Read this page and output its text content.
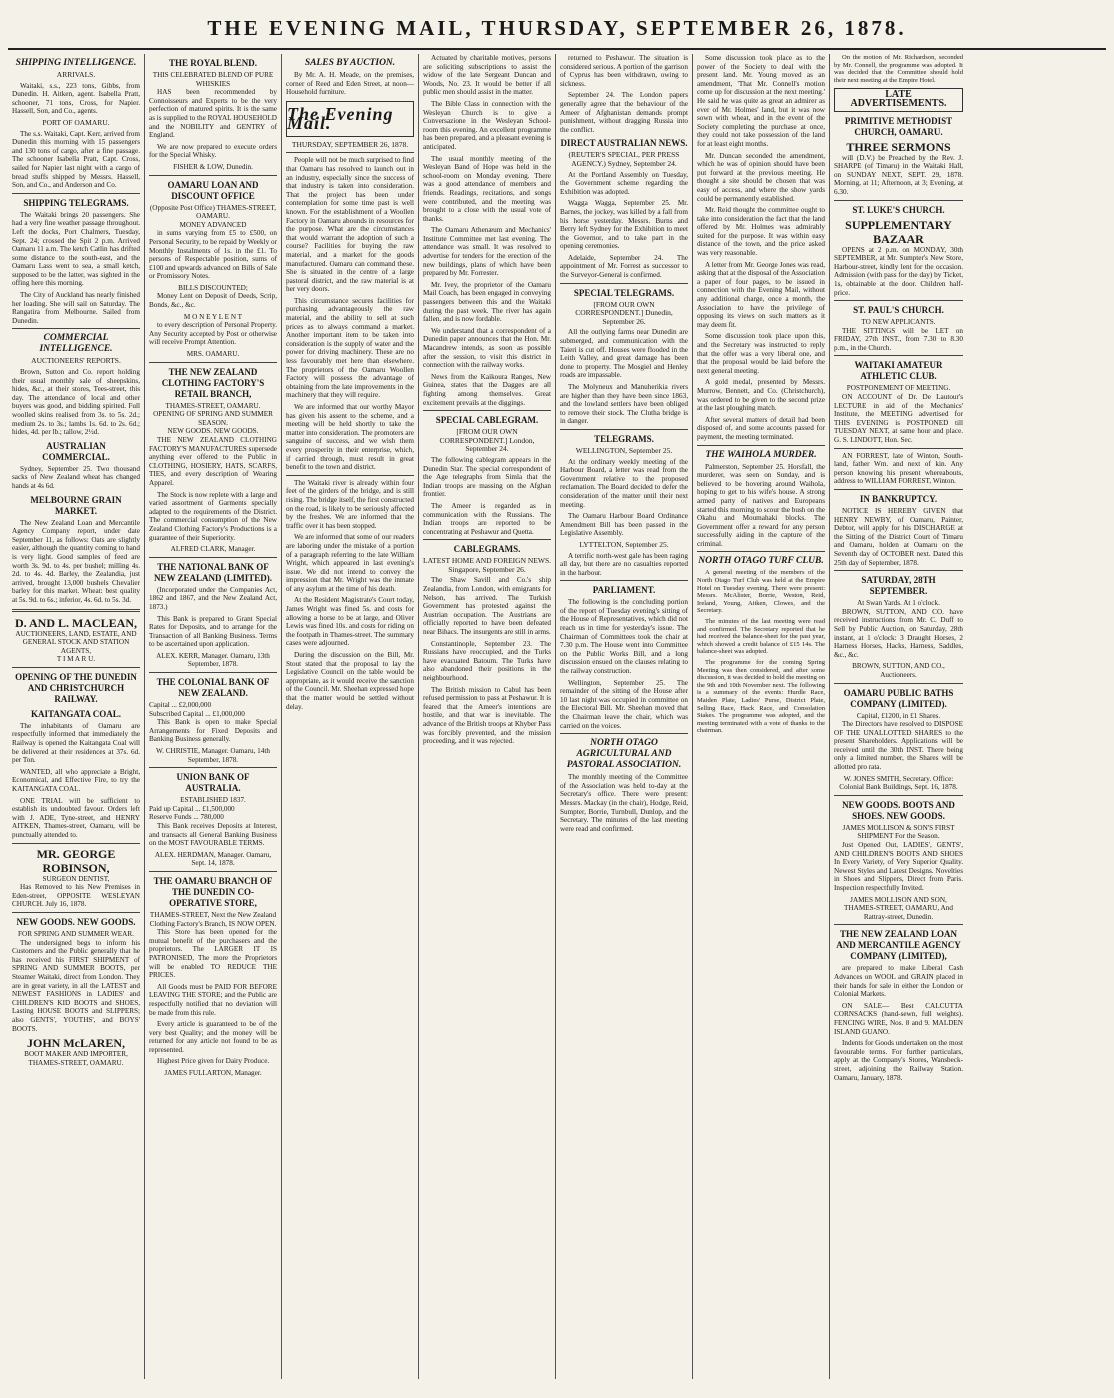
THE EVENING MAIL, THURSDAY, SEPTEMBER 26, 1878.
SHIPPING INTELLIGENCE.
ARRIVALS.

Waitaki, s.s., 223 tons, Gibbs, from Dunedin. H. Aitken, agent. Isabella Pratt, schooner, 71 tons, Cross, for Napier. Hassell, Son, and Co., agents.

PORT OF OAMARU.

The s.s. Waitaki, Capt. Kerr, arrived from Dunedin this morning with 15 passengers and 130 tons of cargo, after a fine passage. The schooner Isabella Pratt, Capt. Cross, sailed for Napier last night with a cargo of bread stuffs shipped by Messrs. Hassell, Son, and Co., and Anderson and Co.

SHIPPING TELEGRAMS.

The Waitaki brings 20 passengers. She had a very fine weather passage throughout. Left the docks, Port Chalmers, Tuesday, Sept. 24; crossed the Spit 2 p.m. Arrived Oamaru 11 a.m. The ketch Catlin has drifted some distance to the south-east, and the Oamaru Lass went to sea, a small ketch, supposed to be the latter, was sighted in the offing here this morning.

The City of Auckland has nearly finished her loading. She will sail on Saturday. The Rangatira from Melbourne. Sailed from Dunedin.

COMMERCIAL INTELLIGENCE.
AUCTIONEERS' REPORTS.

Brown, Sutton and Co. report holding their usual monthly sale of sheepskins, hides, &c., at their stores, Tees-street, this day. The attendance of local and other buyers was good, and bidding spirited. Full woolled skins realised from 3s. to 5s. 2d.; medium 2s. to 3s.; lambs 1s. 6d. to 2s. 6d.; hides, 4d. per lb.; tallow, 2½d.

AUSTRALIAN COMMERCIAL.

Sydney, September 25. Two thousand sacks of New Zealand wheat has changed hands at 4s 6d.

MELBOURNE GRAIN MARKET.

The New Zealand Loan and Mercantile Agency Company report, under date September 11, as follows: Oats are slightly easier, although the quantity coming to hand is very light. Good samples of feed are worth 3s. 9d. to 4s. per bushel; milling 4s. 2d. to 4s. 4d. Barley, the Zealandia, just arrived, brought 13,000 bushels Chevalier barley for this market. Wheat: best quality at 5s. 9d. to 6s.; inferior, 4s. 6d. to 5s. 3d.

D. AND L. MACLEAN,
AUCTIONEERS, LAND, ESTATE, AND GENERAL STOCK AND STATION AGENTS,
T I M A R U.
OPENING OF THE DUNEDIN AND CHRISTCHURCH RAILWAY.
KAITANGATA COAL.

The inhabitants of Oamaru are respectfully informed that immediately the Railway is opened the Kaitangata Coal will be delivered at their residences at 37s. 6d. per Ton.

WANTED, all who appreciate a Bright, Economical, and Effective Fire, to try the KAITANGATA COAL.

ONE TRIAL will be sufficient to establish its undoubted favour. Orders left with J. ADE, Tyne-street, and HENRY AITKEN, Thames-street, Oamaru, will be punctually attended to.

MR. GEORGE ROBINSON,
SURGEON DENTIST,

Has Removed to his New Premises in Eden-street, OPPOSITE WESLEYAN CHURCH. July 16, 1878.

NEW GOODS. NEW GOODS.
FOR SPRING AND SUMMER WEAR.

The undersigned begs to inform his Customers and the Public generally that he has received his FIRST SHIPMENT of SPRING AND SUMMER BOOTS, per Steamer Waitaki, direct from London. They are in great variety, in all the LATEST and NEWEST FASHIONS in LADIES' and CHILDREN'S KID BOOTS and SHOES, Lasting HOUSE BOOTS and SLIPPERS; also GENTS', YOUTHS', and BOYS' BOOTS.

JOHN McLAREN,
BOOT MAKER AND IMPORTER, THAMES-STREET, OAMARU.
THE ROYAL BLEND.
THIS CELEBRATED BLEND OF PURE WHISKIES

HAS been recommended by Connoisseurs and Experts to be the very perfection of matured spirits. It is the same as is supplied to the ROYAL HOUSEHOLD and the NOBILITY and GENTRY of England.

We are now prepared to execute orders for the Special Whisky.

FISHER & LOW, Dunedin.
OAMARU LOAN AND DISCOUNT OFFICE
(Opposite Post Office) THAMES-STREET, OAMARU.
MONEY ADVANCED

in sums varying from £5 to £500, on Personal Security, to be repaid by Weekly or Monthly Instalments of 1s. in the £1. To persons of Respectable position, sums of £100 and upwards advanced on Bills of Sale or Promissory Notes.

BILLS DISCOUNTED;

Money Lent on Deposit of Deeds, Scrip, Bonds, &c., &c.

M O N E Y L E N T

to every description of Personal Property. Any Security accepted by Post or otherwise will receive Prompt Attention.

MRS. OAMARU.
THE NEW ZEALAND CLOTHING FACTORY'S RETAIL BRANCH,
THAMES-STREET, OAMARU.
OPENING OF SPRING AND SUMMER SEASON.
NEW GOODS. NEW GOODS.

THE NEW ZEALAND CLOTHING FACTORY'S MANUFACTURES supersede anything ever offered to the Public in CLOTHING, HOSIERY, HATS, SCARFS, TIES, and every description of Wearing Apparel.

The Stock is now replete with a large and varied assortment of Garments specially adapted to the requirements of the District. The commercial consumption of the New Zealand Clothing Factory's Productions is a guarantee of their Superiority.

ALFRED CLARK, Manager.
THE NATIONAL BANK OF NEW ZEALAND (LIMITED).

(Incorporated under the Companies Act, 1862 and 1867, and the New Zealand Act, 1873.)

This Bank is prepared to Grant Special Rates for Deposits, and to arrange for the Transaction of all Banking Business. Terms to be ascertained upon application.

ALEX. KERR, Manager. Oamaru, 13th September, 1878.
THE COLONIAL BANK OF NEW ZEALAND.
Capital ... £2,000,000
Subscribed Capital ... £1,000,000

This Bank is open to make Special Arrangements for Fixed Deposits and Banking Business generally.

W. CHRISTIE, Manager. Oamaru, 14th September, 1878.
UNION BANK OF AUSTRALIA.
ESTABLISHED 1837.
Paid up Capital ... £1,500,000
Reserve Funds ... 780,000

This Bank receives Deposits at Interest, and transacts all General Banking Business on the MOST FAVOURABLE TERMS.

ALEX. HERDMAN, Manager. Oamaru, Sept. 14, 1878.
THE OAMARU BRANCH OF THE DUNEDIN CO-OPERATIVE STORE,
THAMES-STREET, Next the New Zealand Clothing Factory's Branch, IS NOW OPEN.

This Store has been opened for the mutual benefit of the purchasers and the proprietors. The LARGER IT IS PATRONISED, The more the Proprietors will be enabled TO REDUCE THE PRICES.

All Goods must be PAID FOR BEFORE LEAVING THE STORE; and the Public are respectfully notified that no deviation will be made from this rule.

Every article is guaranteed to be of the very best Quality; and the money will be returned for any article not found to be as represented.

Highest Price given for Dairy Produce.

JAMES FULLARTON, Manager.
SALES BY AUCTION.

By Mr. A. H. Meade, on the premises, corner of Reed and Eden Street, at noon—Household furniture.

The Evening Mail.
THURSDAY, SEPTEMBER 26, 1878.

People will not be much surprised to find that Oamaru has resolved to launch out in an industry, especially since the success of that industry is taken into consideration. That the project has been under contemplation for some time past is well known. For the establishment of a Woollen Factory in Oamaru abounds in resources for the purpose. What are the circumstances that would warrant the adoption of such a course? Facilities for buying the raw material, and a market for the goods manufactured. Oamaru can command these. She is situated in the centre of a large pastoral district, and the raw material is at her very doors.

This circumstance secures facilities for purchasing advantageously the raw material, and the ability to sell at such prices as to always command a market. Another important item to be taken into consideration is the supply of water and the power for driving machinery. These are no less favourably met here than elsewhere. The proprietors of the Oamaru Woollen Factory will possess the advantage of obtaining from the late improvements in the machinery that they will require.

We are informed that our worthy Mayor has given his assent to the scheme, and a meeting will be held shortly to take the matter into consideration. The promoters are sanguine of success, and we wish them every prosperity in their enterprise, which, if carried through, must result in great benefit to the town and district.

The Waitaki river is already within four feet of the girders of the bridge, and is still rising. The bridge itself, the first constructed on the road, is likely to be seriously affected by the freshes. We are informed that the traffic over it has been stopped.

We are informed that some of our readers are laboring under the mistake of a portion of a paragraph referring to the late William Wright, which appeared in last evening's issue. We did not intend to convey the impression that Mr. Wright was the inmate of any asylum at the time of his death.

At the Resident Magistrate's Court today, James Wright was fined 5s. and costs for allowing a horse to be at large, and Oliver Lewis was fined 10s. and costs for riding on the footpath in Thames-street. The summary cases were adjourned.

During the discussion on the Bill, Mr. Stout stated that the proposal to lay the Legislative Council on the table would be appropriate, as it would receive the sanction of the Council. Mr. Sheehan expressed hope that the matter would be settled without delay.

Actuated by charitable motives, persons are soliciting subscriptions to assist the widow of the late Sergeant Duncan and Woods, No. 23. It would be better if all public men should assist in the matter.

The Bible Class in connection with the Wesleyan Church is to give a Conversazione in the Wesleyan School-room this evening. An excellent programme has been prepared, and a pleasant evening is anticipated.

The usual monthly meeting of the Wesleyan Band of Hope was held in the school-room on Monday evening. There was a good attendance of members and friends. Readings, recitations, and songs were contributed, and the meeting was brought to a close with the usual vote of thanks.

The Oamaru Athenæum and Mechanics' Institute Committee met last evening. The attendance was small. It was resolved to advertise for tenders for the erection of the new buildings, plans of which have been prepared by Mr. Forrester.

Mr. Ivey, the proprietor of the Oamaru Mail Coach, has been engaged in conveying passengers between this and the Waitaki during the past week. The river has again fallen, and is now fordable.

We understand that a correspondent of a Dunedin paper announces that the Hon. Mr. Macandrew intends, as soon as possible after the session, to visit this district in connection with the railway works.

News from the Kaikoura Ranges, New Guinea, states that the Dagges are all fighting among themselves. Great excitement prevails at the diggings.

SPECIAL CABLEGRAM.
[FROM OUR OWN CORRESPONDENT.] London, September 24.

The following cablegram appears in the Dunedin Star. The special correspondent of the Age telegraphs from Simla that the Indian troops are massing on the Afghan frontier.

The Ameer is regarded as in communication with the Russians. The Indian troops are reported to be concentrating at Peshawur and Quetta.

CABLEGRAMS.
LATEST HOME AND FOREIGN NEWS. Singapore, September 26.

The Shaw Savill and Co.'s ship Zealandia, from London, with emigrants for Nelson, has arrived. The Turkish Government has protested against the Austrian occupation. The Austrians are officially reported to have been defeated near Bihacs. The insurgents are still in arms.

Constantinople, September 23. The Russians have reoccupied, and the Turks have evacuated Batoum. The Turks have also abandoned their positions in the neighbourhood.

The British mission to Cabul has been refused permission to pass at Peshawur. It is feared that the Ameer's intentions are hostile, and that war is inevitable. The advance of the British troops at Khyber Pass was forcibly prevented, and the mission proceeding, and it was rejected.

returned to Peshawur. The situation is considered serious. A portion of the garrison of Cyprus has been withdrawn, owing to sickness.

September 24. The London papers generally agree that the behaviour of the Ameer of Afghanistan demands prompt punishment, without dragging Russia into the conflict.

DIRECT AUSTRALIAN NEWS.
(REUTER'S SPECIAL, PER PRESS AGENCY.) Sydney, September 24.

At the Portland Assembly on Tuesday, the Government scheme regarding the Exhibition was adopted.

Wagga Wagga, September 25. Mr. Barnes, the jockey, was killed by a fall from his horse yesterday. Messrs. Burns and Berry left Sydney for the Exhibition to meet the Governor, and to take part in the opening ceremonies.

Adelaide, September 24. The appointment of Mr. Forrest as successor to the Surveyor-General is confirmed.

SPECIAL TELEGRAMS.
[FROM OUR OWN CORRESPONDENT.] Dunedin, September 26.

All the outlying farms near Dunedin are submerged, and communication with the Taieri is cut off. Houses were flooded in the Leith Valley, and great damage has been done to property. The Mosgiel and Henley roads are impassable.

The Molyneux and Manuherikia rivers are higher than they have been since 1863, and the lowland settlers have been obliged to remove their stock. The Clutha bridge is in danger.

TELEGRAMS.
WELLINGTON, September 25.

At the ordinary weekly meeting of the Harbour Board, a letter was read from the Government relative to the proposed reclamation. The Board decided to defer the consideration of the matter until their next meeting.

The Oamaru Harbour Board Ordinance Amendment Bill has been passed in the Legislative Assembly.

LYTTELTON, September 25.

A terrific north-west gale has been raging all day, but there are no casualties reported in the harbour.

PARLIAMENT.

The following is the concluding portion of the report of Tuesday evening's sitting of the House of Representatives, which did not reach us in time for yesterday's issue. The Chairman of Committees took the chair at 7.30 p.m. The House went into Committee on the Public Works Bill, and a long discussion ensued on the clauses relating to the railway construction.

Wellington, September 25. The remainder of the sitting of the House after 10 last night was occupied in committee on the Electoral Bill. Mr. Sheehan moved that the Chairman leave the chair, which was carried on the voices.

NORTH OTAGO AGRICULTURAL AND PASTORAL ASSOCIATION.

The monthly meeting of the Committee of the Association was held to-day at the Secretary's office. There were present: Messrs. Mackay (in the chair), Hodge, Reid, Sumpter, Borrie, Turnbull, Dunlop, and the Secretary. The minutes of the last meeting were read and confirmed.

Some discussion took place as to the power of the Society to deal with the present land. Mr. Young moved as an amendment, 'That Mr. Connell's motion come up for discussion at the next meeting.' He said he was quite as great an admirer as ever of Mr. Holmes' land, but it was now sown with wheat, and in the event of the Society completing the purchase at once, they could not take possession of the land for at least eight months.

Mr. Duncan seconded the amendment, which he was of opinion should have been put forward at the previous meeting. He thought a site should be chosen that was easy of access, and where the show yards could be permanently established.

Mr. Reid thought the committee ought to take into consideration the fact that the land offered by Mr. Holmes was admirably suited for the purpose. It was within easy distance of the town, and the price asked was very reasonable.

A letter from Mr. George Jones was read, asking that at the disposal of the Association a paper of four pages, to be issued in connection with the Evening Mail, without any additional charge, once a month, the Association to have the privilege of opposing its views on such matters as it may deem fit.

Some discussion took place upon this, and the Secretary was instructed to reply that the offer was a very liberal one, and that the proposal would be laid before the next general meeting.

A gold medal, presented by Messrs. Murrow, Bennett, and Co. (Christchurch), was ordered to be given to the second prize at the last ploughing match.

After several matters of detail had been disposed of, and some accounts passed for payment, the meeting terminated.

THE WAIHOLA MURDER.

Palmerston, September 25. Horsfall, the murderer, was seen on Sunday, and is believed to be hovering around Waihola, hoping to get to his wife's house. A strong armed party of natives and Europeans started this morning to scour the bush on the Okahu and Moumahaki blocks. The Government offer a reward for any person successfully aiding in the capture of the criminal.

NORTH OTAGO TURF CLUB.

A general meeting of the members of the North Otago Turf Club was held at the Empire Hotel on Tuesday evening. There were present: Messrs. McAlister, Borrie, Weston, Reid, Ireland, Young, Aitken, Clowes, and the Secretary.

The minutes of the last meeting were read and confirmed. The Secretary reported that he had received the balance-sheet for the past year, which showed a credit balance of £15 14s. The balance-sheet was adopted.

The programme for the coming Spring Meeting was then considered, and after some discussion, it was decided to hold the meeting on the 9th and 10th November next. The following is a summary of the events: Hurdle Race, Maiden Plate, Ladies' Purse, District Plate, Selling Race, Hack Race, and Consolation Stakes. The programme was adopted, and the meeting terminated with a vote of thanks to the chairman.

On the motion of Mr. Richardson, seconded by Mr. Connell, the programme was adopted. It was decided that the Committee should hold their next meeting at the Empire Hotel.

LATE ADVERTISEMENTS.
PRIMITIVE METHODIST CHURCH, OAMARU.
THREE SERMONS

will (D.V.) be Preached by the Rev. J. SHARPE (of Timaru) in the Waitaki Hall, on SUNDAY NEXT, SEPT. 29, 1878. Morning, at 11; Afternoon, at 3; Evening, at 6.30.

ST. LUKE'S CHURCH.
SUPPLEMENTARY BAZAAR

OPENS at 2 p.m. on MONDAY, 30th SEPTEMBER, at Mr. Sumpter's New Store, Harbour-street, kindly lent for the occasion. Admission (with pass for the day) by Ticket, 1s, obtainable at the door. Children half-price.

ST. PAUL'S CHURCH.
TO NEW APPLICANTS.

THE SITTINGS will be LET on FRIDAY, 27th INST., from 7.30 to 8.30 p.m., in the Church.

WAITAKI AMATEUR ATHLETIC CLUB.
POSTPONEMENT OF MEETING.

ON ACCOUNT of Dr. De Lautour's LECTURE in aid of the Mechanics' Institute, the MEETING advertised for THIS EVENING is POSTPONED till TUESDAY NEXT, at same hour and place. G. S. LINDOTT, Hon. Sec.

AN FORREST, late of Winton, South-land, father Wm. and next of kin. Any person knowing his present whereabouts, address to WILLIAM FORREST, Winton.

IN BANKRUPTCY.

NOTICE IS HEREBY GIVEN that HENRY NEWBY, of Oamaru, Painter, Debtor, will apply for his DISCHARGE at the Sitting of the District Court of Timaru and Oamaru, holden at Oamaru on the Seventh day of OCTOBER next. Dated this 25th day of September, 1878.

SATURDAY, 28TH SEPTEMBER.
At Swan Yards. At 1 o'clock.

BROWN, SUTTON, AND CO. have received instructions from Mr. C. Duff to Sell by Public Auction, on Saturday, 28th instant, at 1 o'clock: 3 Draught Horses, 2 Harness Horses, Hacks, Harness, Saddles, &c., &c.

BROWN, SUTTON, AND CO., Auctioneers.
OAMARU PUBLIC BATHS COMPANY (LIMITED).
Capital, £1200, in £1 Shares.

The Directors have resolved to DISPOSE OF THE UNALLOTTED SHARES to the present Shareholders. Applications will be received until the 30th INST. There being only a limited number, the Shares will be allotted pro rata.

W. JONES SMITH, Secretary. Office: Colonial Bank Buildings, Sept. 16, 1878.
NEW GOODS. BOOTS AND SHOES. NEW GOODS.
JAMES MOLLISON & SON'S FIRST SHIPMENT For the Season.

Just Opened Out, LADIES', GENTS', AND CHILDREN'S BOOTS AND SHOES In Every Variety, of Very Superior Quality. Newest Styles and Latest Designs. Novelties in Shoes and Slippers, Direct from Paris. Inspection respectfully Invited.

JAMES MOLLISON AND SON, THAMES-STREET, OAMARU, And Rattray-street, Dunedin.
THE NEW ZEALAND LOAN AND MERCANTILE AGENCY COMPANY (LIMITED),

are prepared to make Liberal Cash Advances on WOOL and GRAIN placed in their hands for sale in either the London or Colonial Markets.

ON SALE— Best CALCUTTA CORNSACKS (hand-sewn, full weights). FENCING WIRE, Nos. 8 and 9. MALDEN ISLAND GUANO.

Indents for Goods undertaken on the most favourable terms. For further particulars, apply at the Company's Stores, Wansbeck-street, adjoining the Railway Station. Oamaru, January, 1878.
